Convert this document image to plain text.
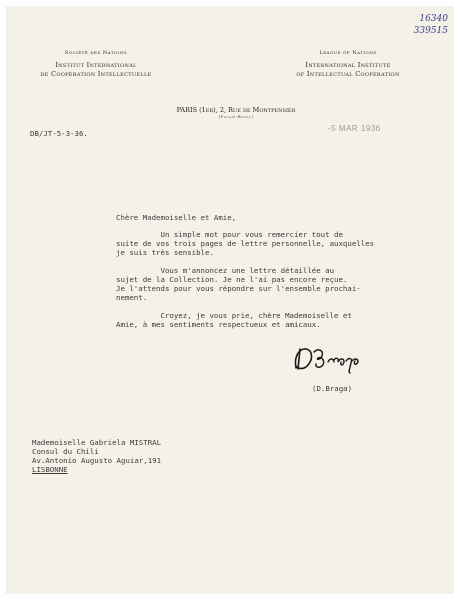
16340
339515
Société des Nations
Institut International
de Coopération Intellectuelle
League of Nations
International Institute
of Intellectual Cooperation
PARIS (1er), 2, Rue de Montpensier
(Palais-Royal)
DB/JT-5-3-36.
-5 MAR 1936
Chère Mademoiselle et Amie,
Un simple mot pour vous remercier tout de
suite de vos trois pages de lettre personnelle, auxquelles
je suis très sensible.
Vous m'annoncez une lettre détaillée au
sujet de la Collection. Je ne l'ai pas encore reçue.
Je l'attends pour vous répondre sur l'ensemble prochai-
nement.
Croyez, je vous prie, chère Mademoiselle et
Amie, à mes sentiments respectueux et amicaux.
(D.Braga)
Mademoiselle Gabriela MISTRAL
Consul du Chili
Av.Antonio Augusto Aguiar,191
LISBONNE
